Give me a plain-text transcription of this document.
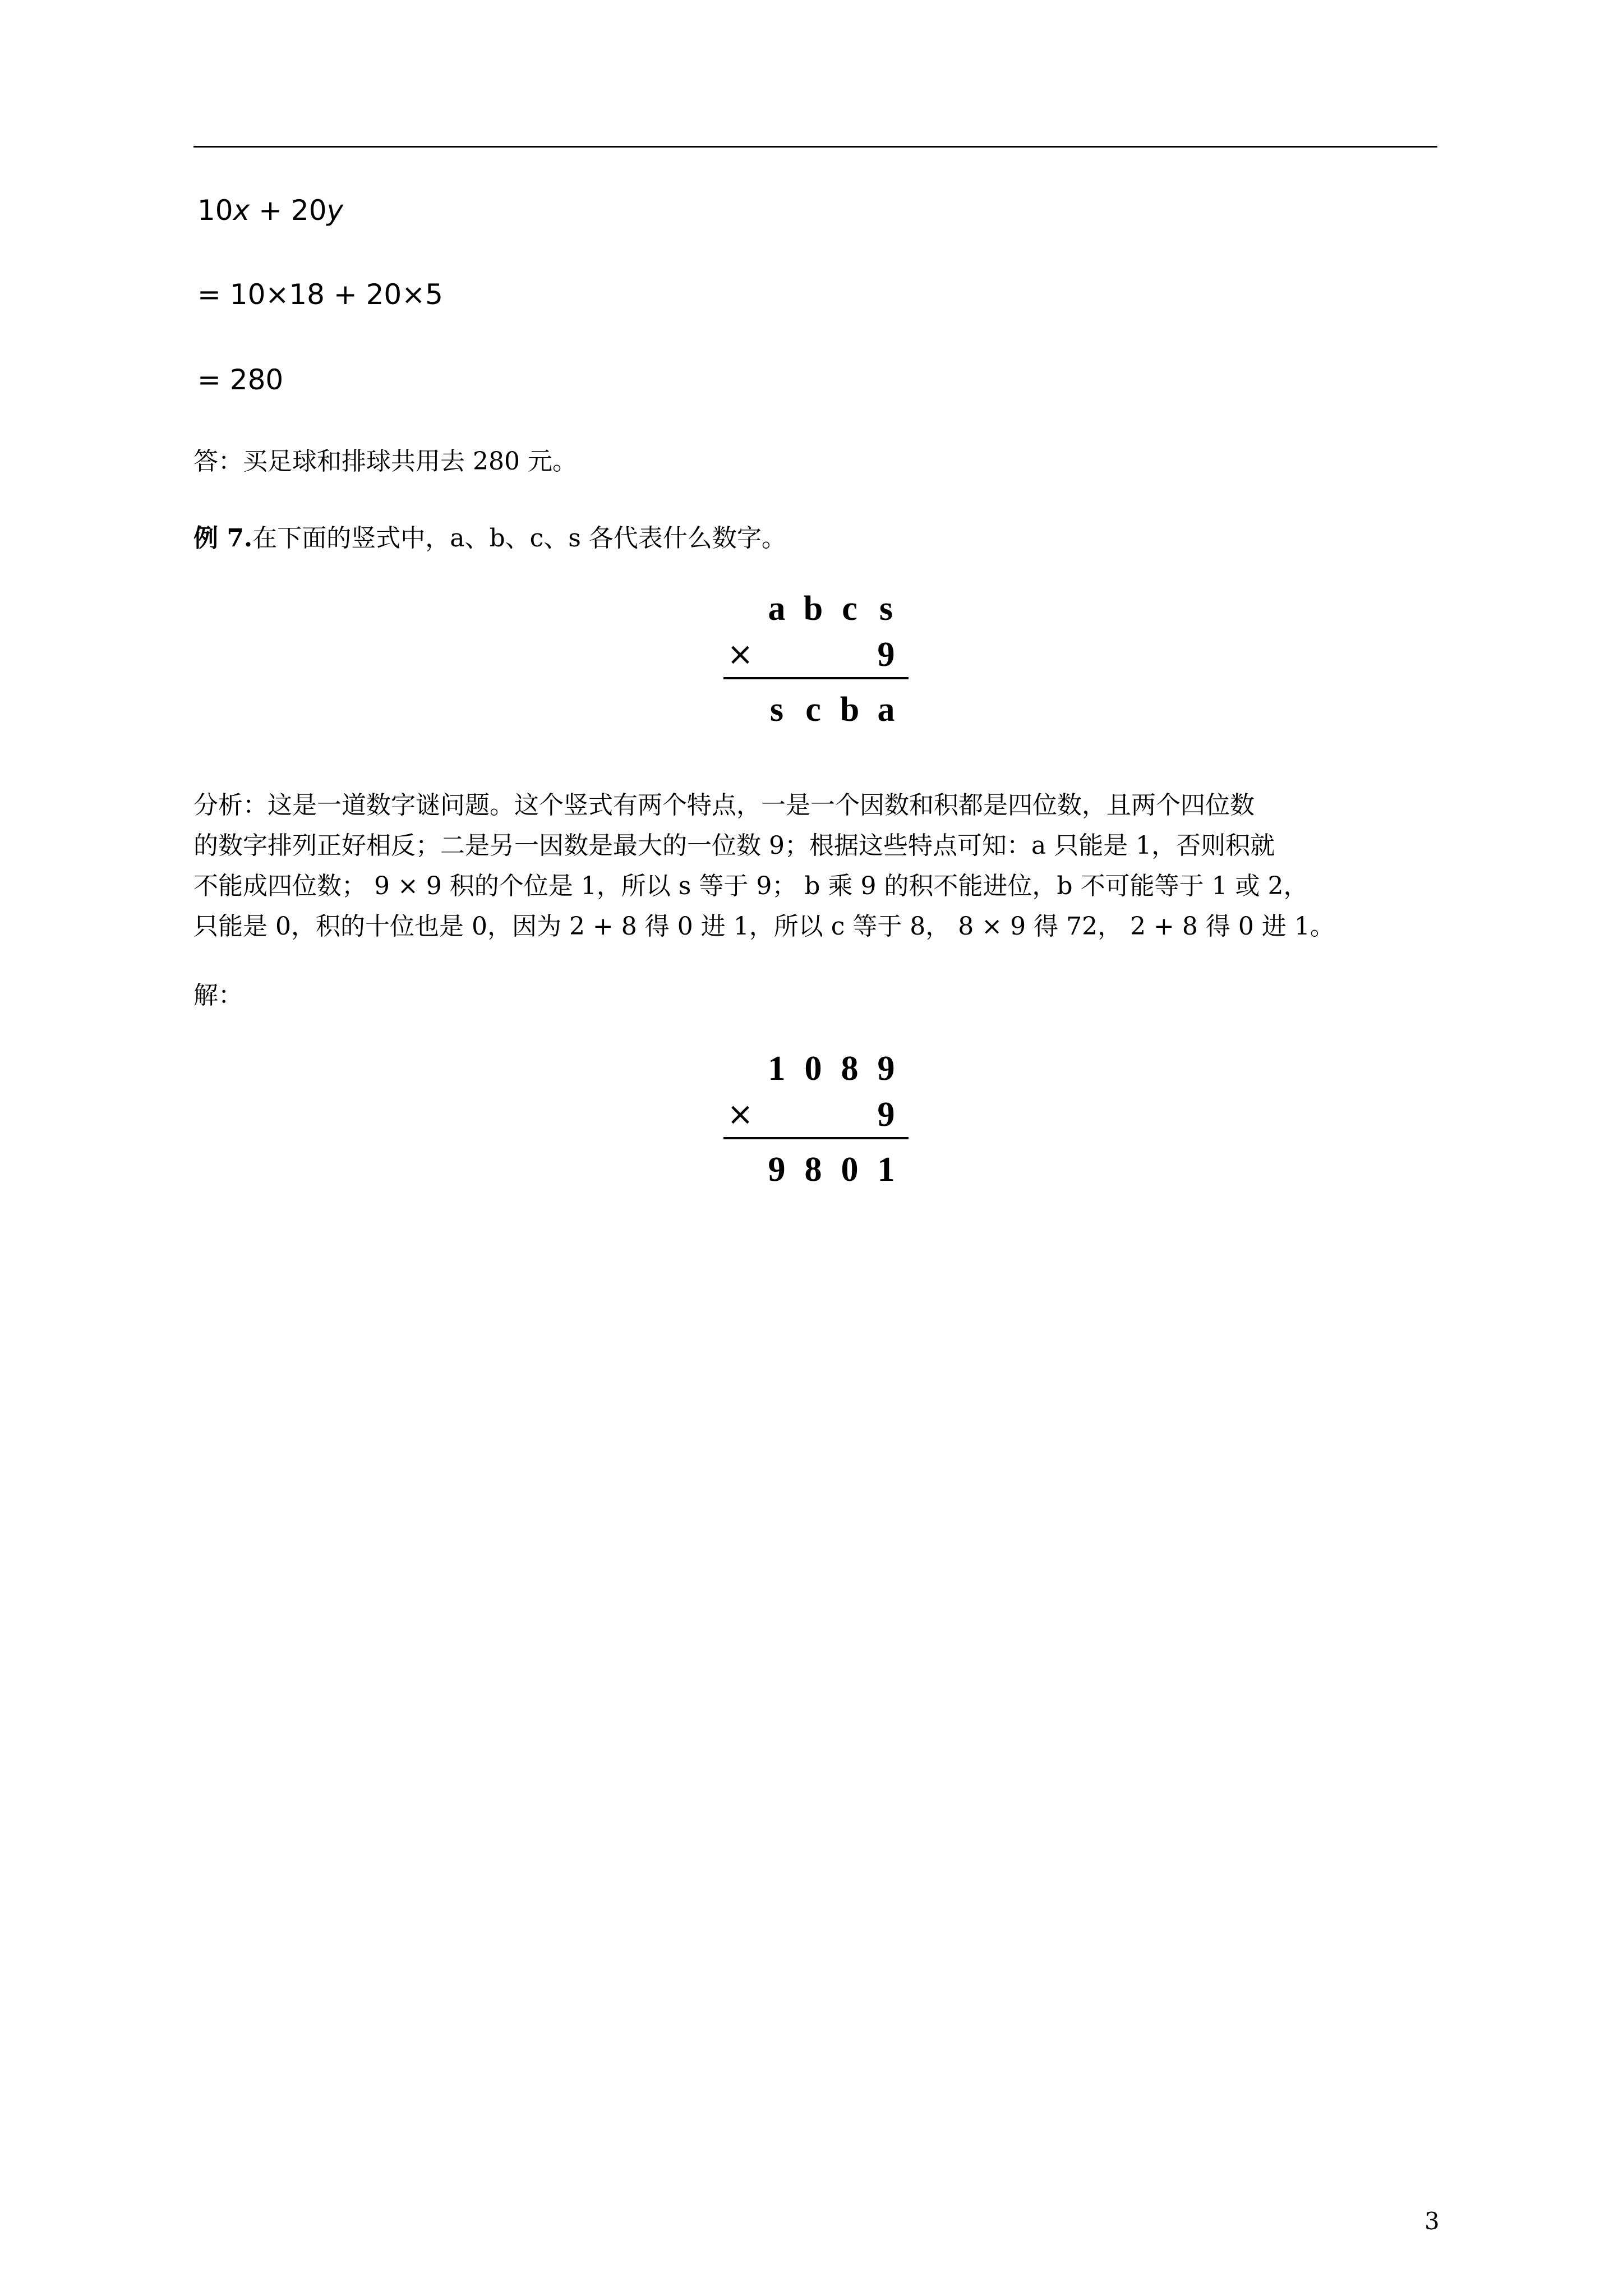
10x + 20y
= 10×18 + 20×5
= 280
答：买足球和排球共用去 280 元。
例 7.在下面的竖式中，a、b、c、s 各代表什么数字。
a b c s
×	9
s c b a
分析：这是一道数字谜问题。这个竖式有两个特点，一是一个因数和积都是四位数，且两个四位数
的数字排列正好相反；二是另一因数是最大的一位数 9；根据这些特点可知：a 只能是 1，否则积就
不能成四位数； 9 × 9 积的个位是 1，所以 s 等于 9； b 乘 9 的积不能进位，b 不可能等于 1 或 2，
只能是 0，积的十位也是 0，因为 2 + 8 得 0 进 1，所以 c 等于 8， 8 × 9 得 72， 2 + 8 得 0 进 1。
解：
1 0 8 9
×	9
9 8 0 1
3
